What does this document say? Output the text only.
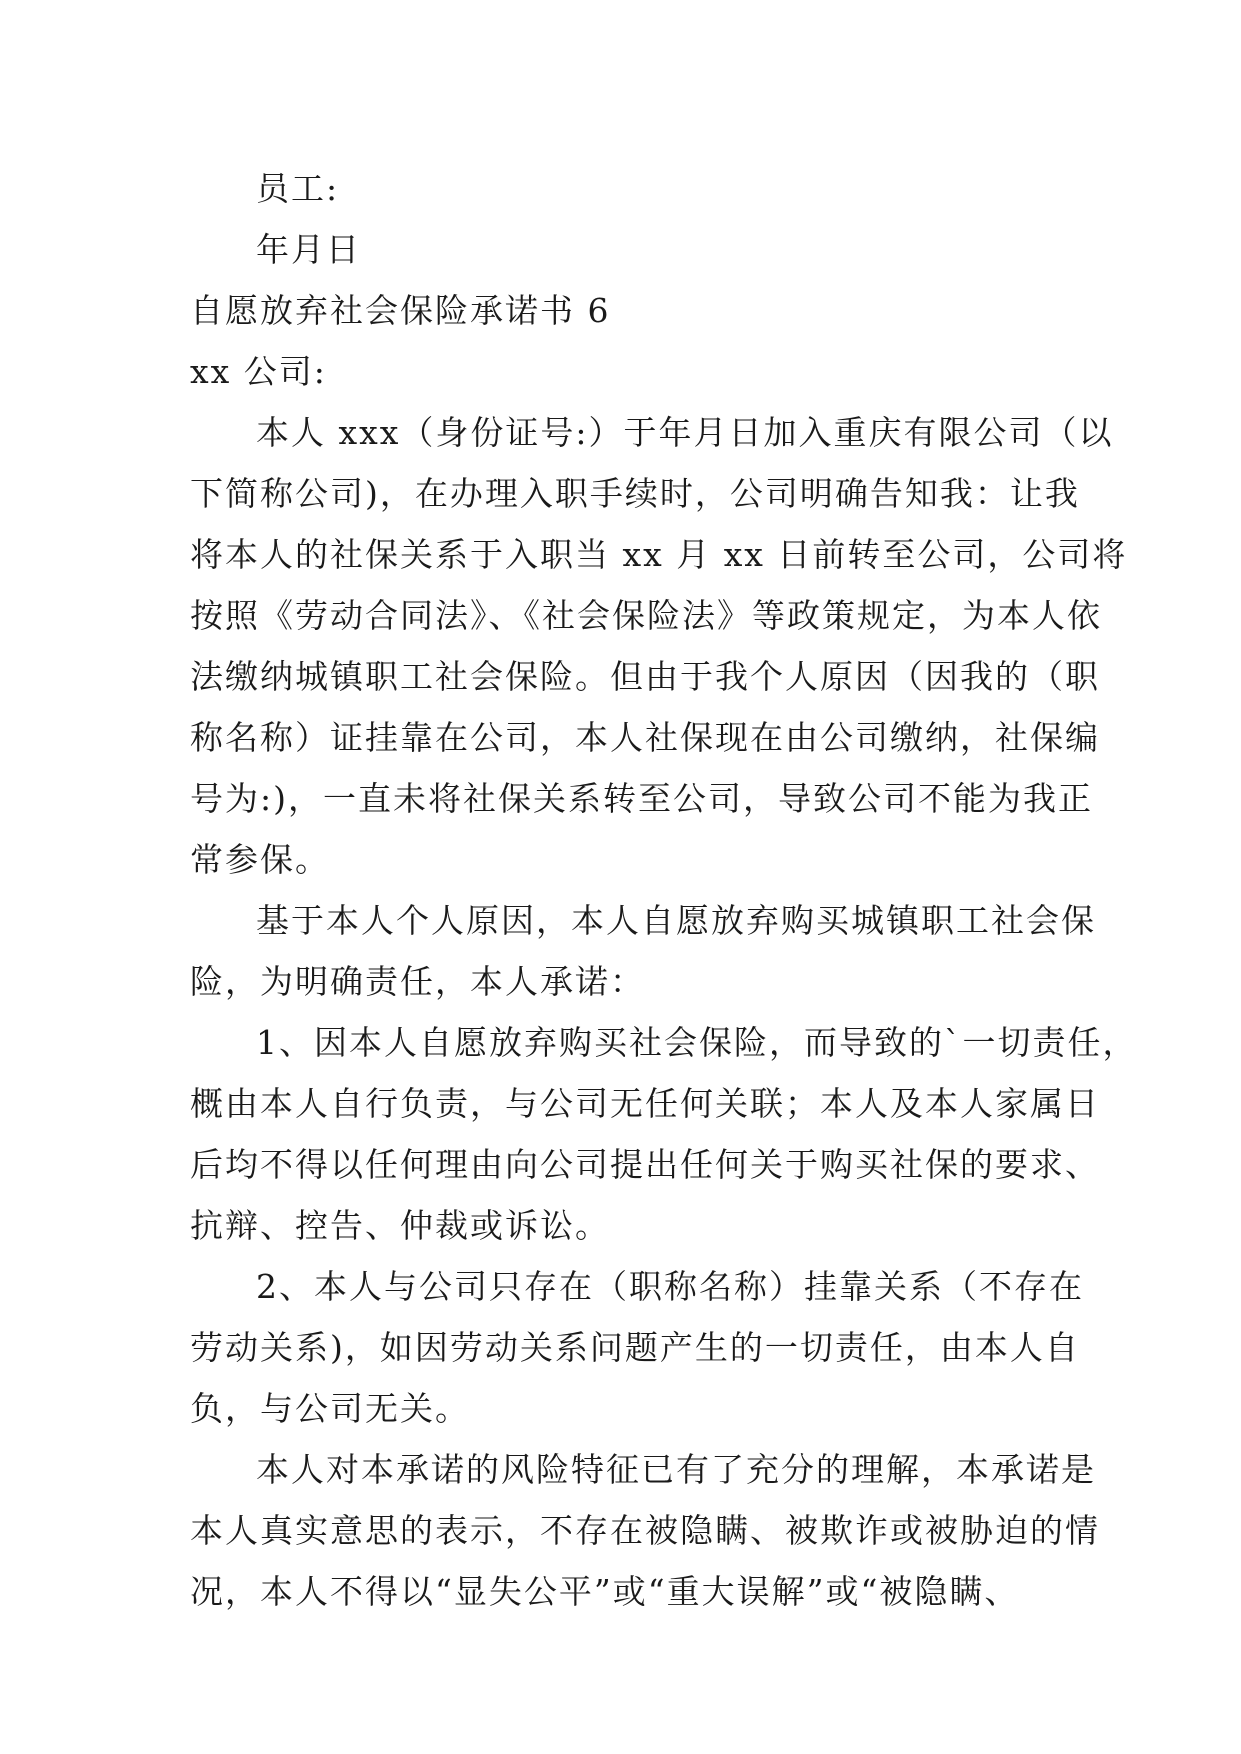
员工:

年月日

自愿放弃社会保险承诺书 6

xx 公司:

本人 xxx（身份证号:）于年月日加入重庆有限公司（以

下简称公司)，在办理入职手续时，公司明确告知我：让我

将本人的社保关系于入职当 xx 月 xx 日前转至公司，公司将

按照《劳动合同法》、《社会保险法》等政策规定，为本人依

法缴纳城镇职工社会保险。但由于我个人原因（因我的（职

称名称）证挂靠在公司，本人社保现在由公司缴纳，社保编

号为:)，一直未将社保关系转至公司，导致公司不能为我正

常参保。

基于本人个人原因，本人自愿放弃购买城镇职工社会保

险，为明确责任，本人承诺：

1、因本人自愿放弃购买社会保险，而导致的`一切责任，

概由本人自行负责，与公司无任何关联；本人及本人家属日

后均不得以任何理由向公司提出任何关于购买社保的要求、

抗辩、控告、仲裁或诉讼。

2、本人与公司只存在（职称名称）挂靠关系（不存在

劳动关系)，如因劳动关系问题产生的一切责任，由本人自

负，与公司无关。

本人对本承诺的风险特征已有了充分的理解，本承诺是

本人真实意思的表示，不存在被隐瞒、被欺诈或被胁迫的情

况，本人不得以“显失公平”或“重大误解”或“被隐瞒、
